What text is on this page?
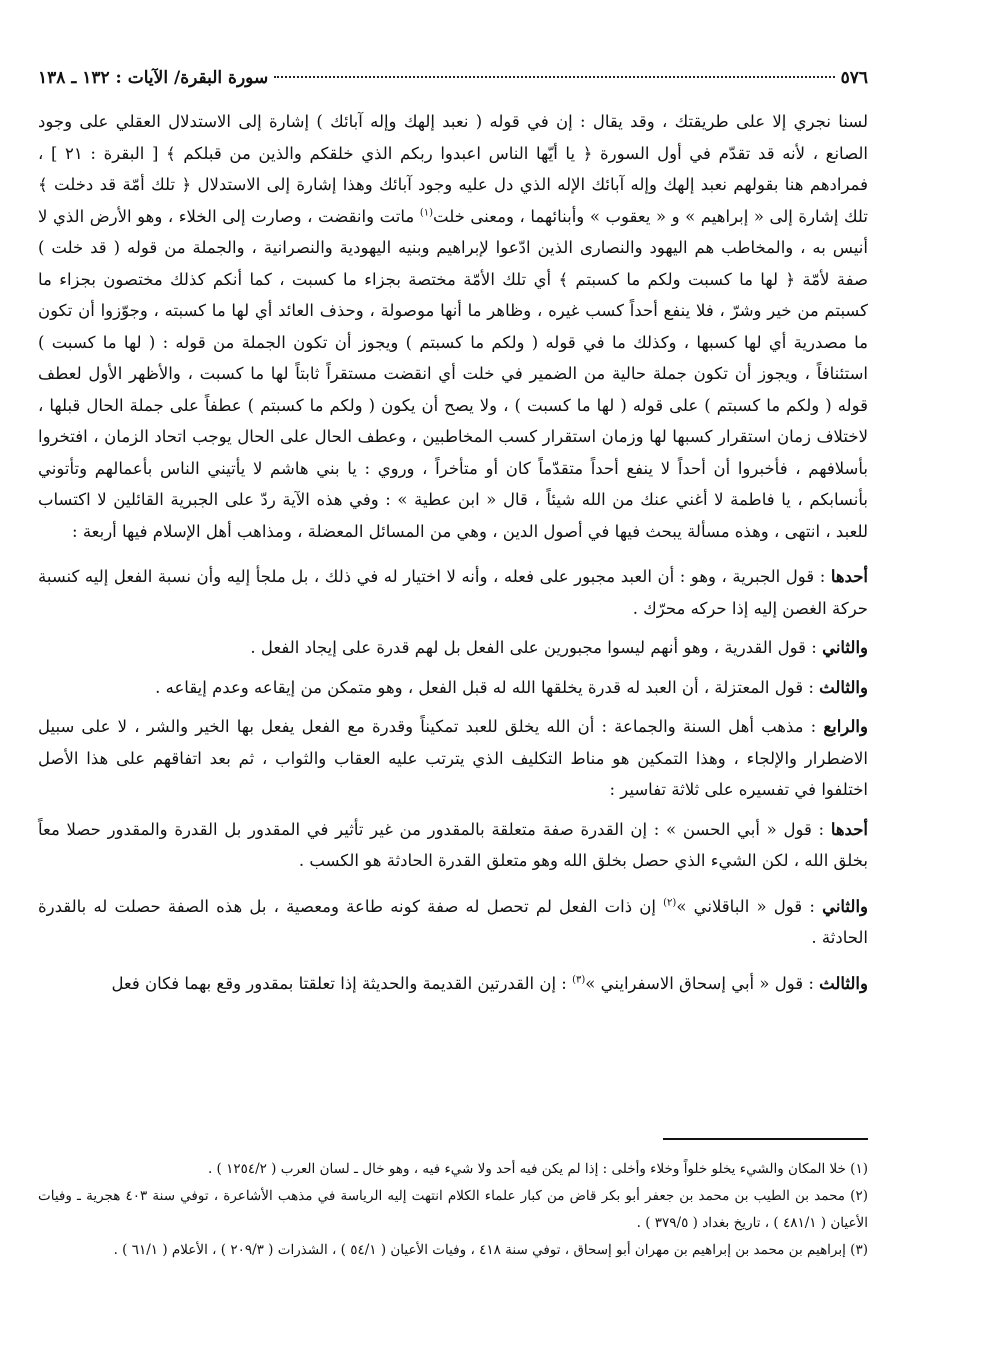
٥٧٦
سورة البقرة/ الآيات : ١٣٢ ـ ١٣٨

لسنا نجري إلا على طريقتك ، وقد يقال : إن في قوله ( نعبد إلهك وإله آبائك ) إشارة إلى الاستدلال العقلي على وجود الصانع ، لأنه قد تقدّم في أول السورة ﴿ يا أيّها الناس اعبدوا ربكم الذي خلقكم والذين من قبلكم ﴾ [ البقرة : ٢١ ] ، فمرادهم هنا بقولهم نعبد إلهك وإله آبائك الإله الذي دل عليه وجود آبائك وهذا إشارة إلى الاستدلال ﴿ تلك أمّة قد دخلت ﴾ تلك إشارة إلى « إبراهيم » و « يعقوب » وأبنائهما ، ومعنى خلت$^{(١)}$ ماتت وانقضت ، وصارت إلى الخلاء ، وهو الأرض الذي لا أنيس به ، والمخاطب هم اليهود والنصارى الذين ادّعوا لإبراهيم وبنيه اليهودية والنصرانية ، والجملة من قوله ( قد خلت ) صفة لأمّة ﴿ لها ما كسبت ولكم ما كسبتم ﴾ أي تلك الأمّة مختصة بجزاء ما كسبت ، كما أنكم كذلك مختصون بجزاء ما كسبتم من خير وشرّ ، فلا ينفع أحداً كسب غيره ، وظاهر ما أنها موصولة ، وحذف العائد أي لها ما كسبته ، وجوّزوا أن تكون ما مصدرية أي لها كسبها ، وكذلك ما في قوله ( ولكم ما كسبتم ) ويجوز أن تكون الجملة من قوله : ( لها ما كسبت ) استئنافاً ، ويجوز أن تكون جملة حالية من الضمير في خلت أي انقضت مستقراً ثابتاً لها ما كسبت ، والأظهر الأول لعطف قوله ( ولكم ما كسبتم ) على قوله ( لها ما كسبت ) ، ولا يصح أن يكون ( ولكم ما كسبتم ) عطفاً على جملة الحال قبلها ، لاختلاف زمان استقرار كسبها لها وزمان استقرار كسب المخاطبين ، وعطف الحال على الحال يوجب اتحاد الزمان ، افتخروا بأسلافهم ، فأخبروا أن أحداً لا ينفع أحداً متقدّماً كان أو متأخراً ، وروي : يا بني هاشم لا يأتيني الناس بأعمالهم وتأتوني بأنسابكم ، يا فاطمة لا أغني عنك من الله شيئاً ، قال « ابن عطية » : وفي هذه الآية ردّ على الجبرية القائلين لا اكتساب للعبد ، انتهى ، وهذه مسألة يبحث فيها في أصول الدين ، وهي من المسائل المعضلة ، ومذاهب أهل الإسلام فيها أربعة :

أحدها : قول الجبرية ، وهو : أن العبد مجبور على فعله ، وأنه لا اختيار له في ذلك ، بل ملجأ إليه وأن نسبة الفعل إليه كنسبة حركة الغصن إليه إذا حركه محرّك .

والثاني : قول القدرية ، وهو أنهم ليسوا مجبورين على الفعل بل لهم قدرة على إيجاد الفعل .

والثالث : قول المعتزلة ، أن العبد له قدرة يخلقها الله له قبل الفعل ، وهو متمكن من إيقاعه وعدم إيقاعه .

والرابع : مذهب أهل السنة والجماعة : أن الله يخلق للعبد تمكيناً وقدرة مع الفعل يفعل بها الخير والشر ، لا على سبيل الاضطرار والإلجاء ، وهذا التمكين هو مناط التكليف الذي يترتب عليه العقاب والثواب ، ثم بعد اتفاقهم على هذا الأصل اختلفوا في تفسيره على ثلاثة تفاسير :

أحدها : قول « أبي الحسن » : إن القدرة صفة متعلقة بالمقدور من غير تأثير في المقدور بل القدرة والمقدور حصلا معاً بخلق الله ، لكن الشيء الذي حصل بخلق الله وهو متعلق القدرة الحادثة هو الكسب .

والثاني : قول « الباقلاني »$^{(٢)}$ إن ذات الفعل لم تحصل له صفة كونه طاعة ومعصية ، بل هذه الصفة حصلت له بالقدرة الحادثة .

والثالث : قول « أبي إسحاق الاسفرايني »$^{(٣)}$ : إن القدرتين القديمة والحديثة إذا تعلقتا بمقدور وقع بهما فكان فعل

(١) خلا المكان والشيء يخلو خلواً وخلاء وأخلى : إذا لم يكن فيه أحد ولا شيء فيه ، وهو خال ـ لسان العرب ( ١٢٥٤/٢ ) .

(٢) محمد بن الطيب بن محمد بن جعفر أبو بكر قاض من كبار علماء الكلام انتهت إليه الرياسة في مذهب الأشاعرة ، توفي سنة ٤٠٣ هجرية ـ وفيات الأعيان ( ٤٨١/١ ) ، تاريخ بغداد ( ٣٧٩/٥ ) .

(٣) إبراهيم بن محمد بن إبراهيم بن مهران أبو إسحاق ، توفي سنة ٤١٨ ، وفيات الأعيان ( ٥٤/١ ) ، الشذرات ( ٢٠٩/٣ ) ، الأعلام ( ٦١/١ ) .
